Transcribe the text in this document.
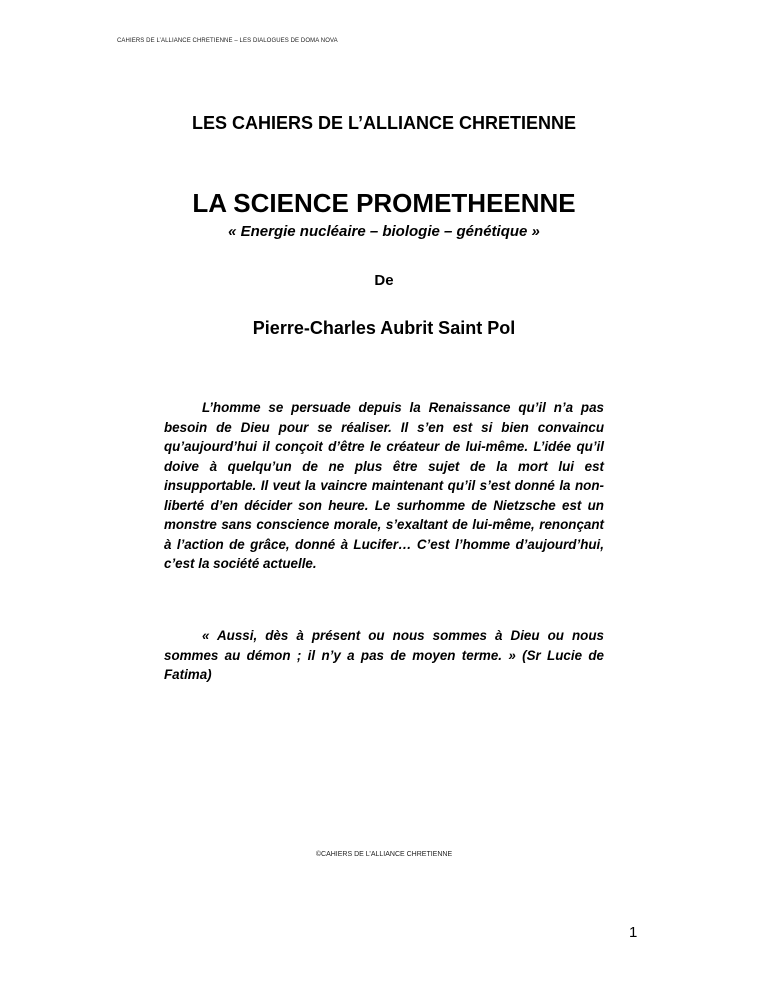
CAHIERS DE L’ALLIANCE CHRETIENNE – LES DIALOGUES DE DOMA NOVA
LES CAHIERS DE L’ALLIANCE CHRETIENNE
LA SCIENCE PROMETHEENNE
« Energie nucléaire – biologie – génétique »
De
Pierre-Charles Aubrit Saint Pol

L’homme se persuade depuis la Renaissance qu’il n’a pas besoin de Dieu pour se réaliser. Il s’en est si bien convaincu qu’aujourd’hui il conçoit d’être le créateur de lui-même. L’idée qu’il doive à quelqu’un de ne plus être sujet de la mort lui est insupportable. Il veut la vaincre maintenant qu’il s’est donné la non-liberté d’en décider son heure. Le surhomme de Nietzsche est un monstre sans conscience morale, s’exaltant de lui-même, renonçant à l’action de grâce, donné à Lucifer… C’est l’homme d’aujourd’hui, c’est la société actuelle.

« Aussi, dès à présent ou nous sommes à Dieu ou nous sommes au démon ; il n’y a pas de moyen terme. » (Sr Lucie de Fatima)

©CAHIERS DE L’ALLIANCE CHRETIENNE
1
